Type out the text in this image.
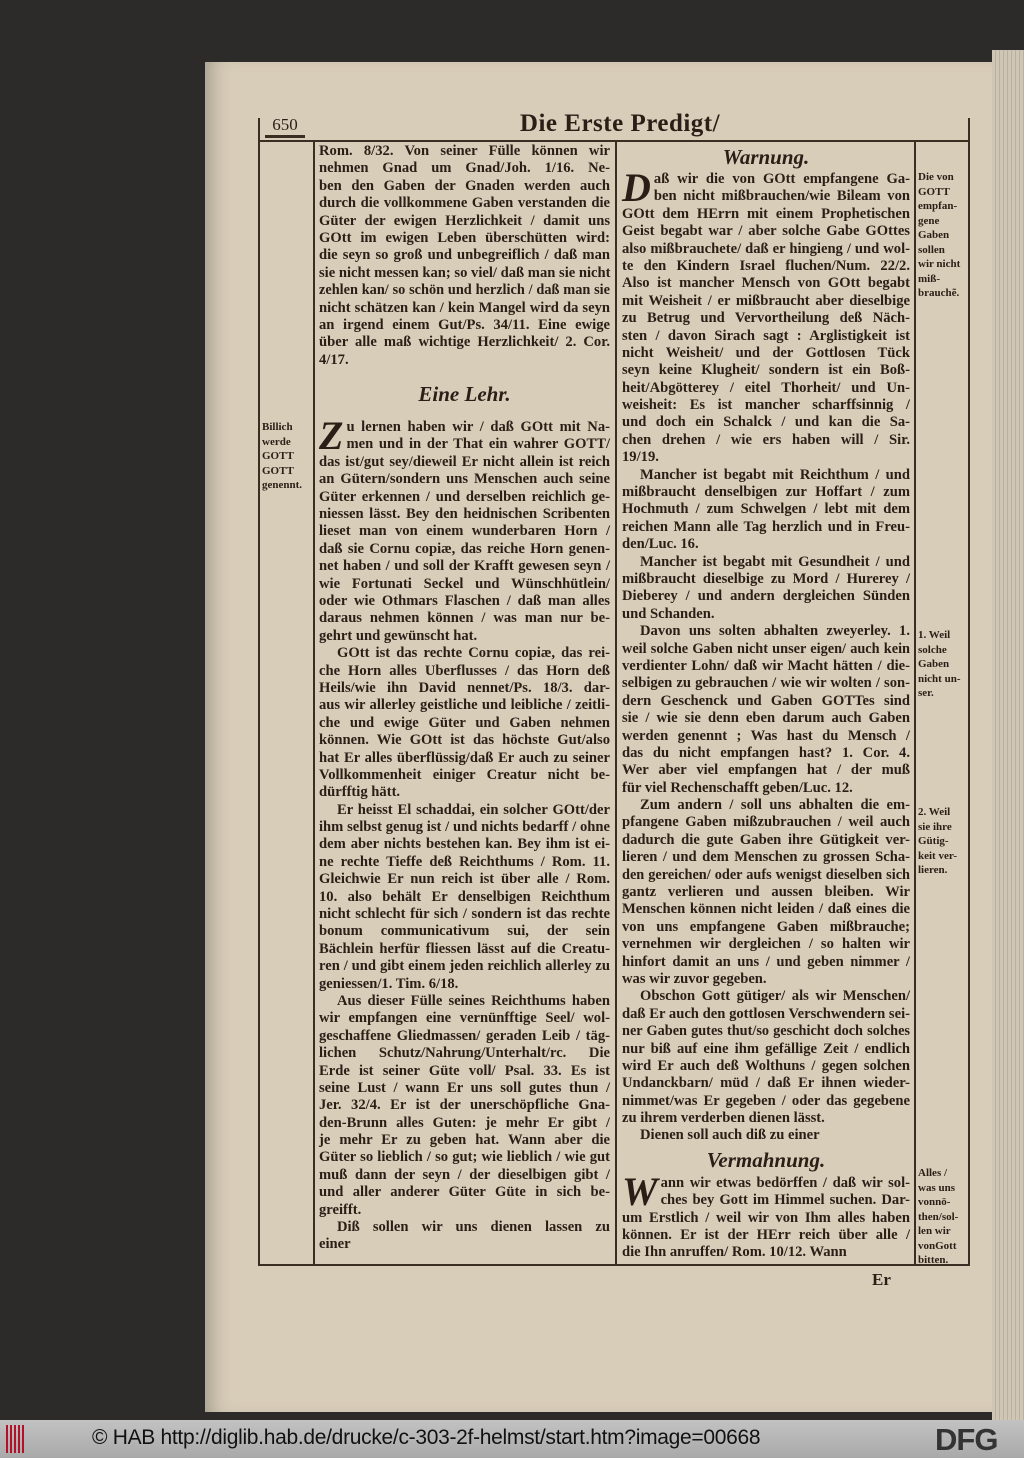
650	Die Erste Predigt/
Rom. 8/32. Von seiner Fülle können wir
nehmen Gnad um Gnad/Joh. 1/16. Ne-
ben den Gaben der Gnaden werden auch
durch die vollkommene Gaben verstanden die
Güter der ewigen Herzlichkeit / damit uns
GOtt im ewigen Leben überschütten wird:
die seyn so groß und unbegreiflich / daß man
sie nicht messen kan; so viel/ daß man sie nicht
zehlen kan/ so schön und herzlich / daß man sie
nicht schätzen kan / kein Mangel wird da seyn
an irgend einem Gut/Ps. 34/11. Eine ewige
über alle maß wichtige Herzlichkeit/ 2. Cor.
4/17.
Eine Lehr.
Z u lernen haben wir / daß GOtt mit Na-
men und in der That ein wahrer GOTT/
das ist/gut sey/dieweil Er nicht allein ist reich
an Gütern/sondern uns Menschen auch seine
Güter erkennen / und derselben reichlich ge-
niessen lässt. Bey den heidnischen Scribenten
lieset man von einem wunderbaren Horn /
daß sie Cornu copiæ, das reiche Horn genen-
net haben / und soll der Krafft gewesen seyn /
wie Fortunati Seckel und Wünschhütlein/
oder wie Othmars Flaschen / daß man alles
daraus nehmen können / was man nur be-
gehrt und gewünscht hat.
GOtt ist das rechte Cornu copiæ, das rei-
che Horn alles Uberflusses / das Horn deß
Heils/wie ihn David nennet/Ps. 18/3. dar-
aus wir allerley geistliche und leibliche / zeitli-
che und ewige Güter und Gaben nehmen
können. Wie GOtt ist das höchste Gut/also
hat Er alles überflüssig/daß Er auch zu seiner
Vollkommenheit einiger Creatur nicht be-
dürfftig hätt.
Er heisst El schaddai, ein solcher GOtt/der
ihm selbst genug ist / und nichts bedarff / ohne
dem aber nichts bestehen kan. Bey ihm ist ei-
ne rechte Tieffe deß Reichthums / Rom. 11.
Gleichwie Er nun reich ist über alle / Rom.
10. also behält Er denselbigen Reichthum
nicht schlecht für sich / sondern ist das rechte
bonum communicativum sui, der sein
Bächlein herfür fliessen lässt auf die Creatu-
ren / und gibt einem jeden reichlich allerley zu
geniessen/1. Tim. 6/18.
Aus dieser Fülle seines Reichthums haben
wir empfangen eine vernünfftige Seel/ wol-
geschaffene Gliedmassen/ geraden Leib / täg-
lichen Schutz/Nahrung/Unterhalt/rc. Die
Erde ist seiner Güte voll/ Psal. 33. Es ist
seine Lust / wann Er uns soll gutes thun /
Jer. 32/4. Er ist der unerschöpfliche Gna-
den-Brunn alles Guten: je mehr Er gibt /
je mehr Er zu geben hat. Wann aber die
Güter so lieblich / so gut; wie lieblich / wie gut
muß dann der seyn / der dieselbigen gibt /
und aller anderer Güter Güte in sich be-
greifft.
Diß sollen wir uns dienen lassen zu
einer
Warnung.
D aß wir die von GOtt empfangene Ga-
ben nicht mißbrauchen/wie Bileam von
GOtt dem HErrn mit einem Prophetischen
Geist begabt war / aber solche Gabe GOttes
also mißbrauchete/ daß er hingieng / und wol-
te den Kindern Israel fluchen/Num. 22/2.
Also ist mancher Mensch von GOtt begabt
mit Weisheit / er mißbraucht aber dieselbige
zu Betrug und Vervortheilung deß Näch-
sten / davon Sirach sagt : Arglistigkeit ist
nicht Weisheit/ und der Gottlosen Tück
seyn keine Klugheit/ sondern ist ein Boß-
heit/Abgötterey / eitel Thorheit/ und Un-
weisheit: Es ist mancher scharffsinnig /
und doch ein Schalck / und kan die Sa-
chen drehen / wie ers haben will / Sir.
19/19.
Mancher ist begabt mit Reichthum / und
mißbraucht denselbigen zur Hoffart / zum
Hochmuth / zum Schwelgen / lebt mit dem
reichen Mann alle Tag herzlich und in Freu-
den/Luc. 16.
Mancher ist begabt mit Gesundheit / und
mißbraucht dieselbige zu Mord / Hurerey /
Dieberey / und andern dergleichen Sünden
und Schanden.
Davon uns solten abhalten zweyerley. 1.
weil solche Gaben nicht unser eigen/ auch kein
verdienter Lohn/ daß wir Macht hätten / die-
selbigen zu gebrauchen / wie wir wolten / son-
dern Geschenck und Gaben GOTTes sind
sie / wie sie denn eben darum auch Gaben
werden genennt ; Was hast du Mensch /
das du nicht empfangen hast? 1. Cor. 4.
Wer aber viel empfangen hat / der muß
für viel Rechenschafft geben/Luc. 12.
Zum andern / soll uns abhalten die em-
pfangene Gaben mißzubrauchen / weil auch
dadurch die gute Gaben ihre Gütigkeit ver-
lieren / und dem Menschen zu grossen Scha-
den gereichen/ oder aufs wenigst dieselben sich
gantz verlieren und aussen bleiben. Wir
Menschen können nicht leiden / daß eines die
von uns empfangene Gaben mißbrauche;
vernehmen wir dergleichen / so halten wir
hinfort damit an uns / und geben nimmer /
was wir zuvor gegeben.
Obschon Gott gütiger/ als wir Menschen/
daß Er auch den gottlosen Verschwendern sei-
ner Gaben gutes thut/so geschicht doch solches
nur biß auf eine ihm gefällige Zeit / endlich
wird Er auch deß Wolthuns / gegen solchen
Undanckbarn/ müd / daß Er ihnen wieder-
nimmet/was Er gegeben / oder das gegebene
zu ihrem verderben dienen lässt.
Dienen soll auch diß zu einer
Vermahnung.
W ann wir etwas bedörffen / daß wir sol-
ches bey Gott im Himmel suchen. Dar-
um Erstlich / weil wir von Ihm alles haben
können. Er ist der HErr reich über alle /
die Ihn anruffen/ Rom. 10/12. Wann
Billich
werde
GOTT
GOTT
genennt.
Die von
GOTT
empfan-
gene
Gaben
sollen
wir nicht
miß-
brauchẽ.
1. Weil
solche
Gaben
nicht un-
ser.
2. Weil
sie ihre
Gütig-
keit ver-
lieren.
Alles /
was uns
vonnö-
then/sol-
len wir
vonGott
bitten.
Er
© HAB http://diglib.hab.de/drucke/c-303-2f-helmst/start.htm?image=00668	DFG
